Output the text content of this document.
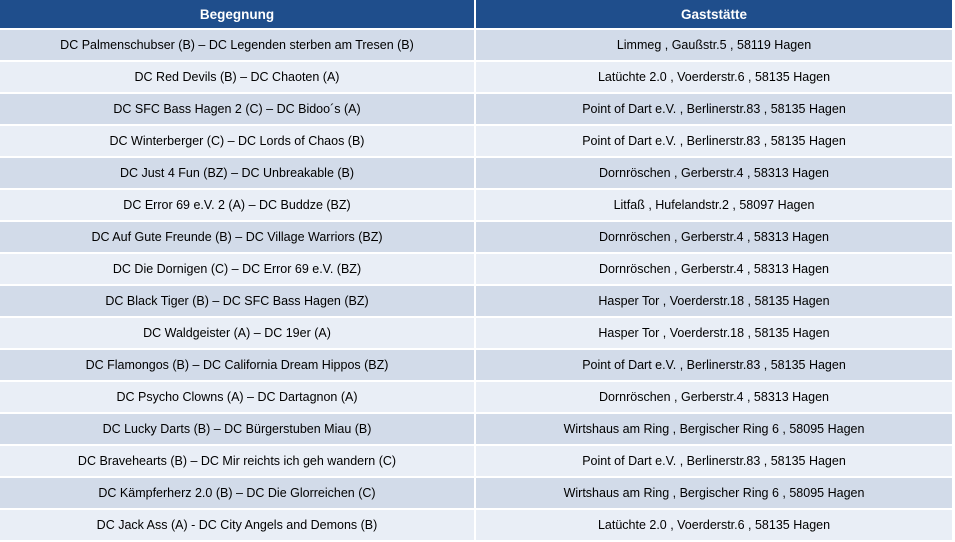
Begegnung	Gaststätte
DC Palmenschubser (B) – DC Legenden sterben am Tresen (B)	Limmeg , Gaußstr.5 , 58119 Hagen
DC Red Devils (B) – DC Chaoten (A)	Latüchte 2.0 , Voerderstr.6 , 58135 Hagen
DC SFC Bass Hagen 2 (C) – DC Bidoo´s (A)	Point of Dart e.V. , Berlinerstr.83 , 58135 Hagen
DC Winterberger (C) – DC Lords of Chaos (B)	Point of Dart e.V. , Berlinerstr.83 , 58135 Hagen
DC Just 4 Fun (BZ) – DC Unbreakable (B)	Dornröschen , Gerberstr.4 , 58313 Hagen
DC Error 69 e.V. 2 (A) – DC Buddze (BZ)	Litfaß , Hufelandstr.2 , 58097 Hagen
DC Auf Gute Freunde (B) – DC Village Warriors (BZ)	Dornröschen , Gerberstr.4 , 58313 Hagen
DC Die Dornigen (C) – DC Error 69 e.V. (BZ)	Dornröschen , Gerberstr.4 , 58313 Hagen
DC Black Tiger (B) – DC SFC Bass Hagen (BZ)	Hasper Tor , Voerderstr.18 , 58135 Hagen
DC Waldgeister (A) – DC 19er (A)	Hasper Tor , Voerderstr.18 , 58135 Hagen
DC Flamongos (B) – DC California Dream Hippos (BZ)	Point of Dart e.V. , Berlinerstr.83 , 58135 Hagen
DC Psycho Clowns (A) – DC Dartagnon (A)	Dornröschen , Gerberstr.4 , 58313 Hagen
DC Lucky Darts (B) – DC Bürgerstuben Miau (B)	Wirtshaus am Ring , Bergischer Ring 6 , 58095 Hagen
DC Bravehearts (B) – DC Mir reichts ich geh wandern (C)	Point of Dart e.V. , Berlinerstr.83 , 58135 Hagen
DC Kämpferherz 2.0 (B) – DC Die Glorreichen (C)	Wirtshaus am Ring , Bergischer Ring 6 , 58095 Hagen
DC Jack Ass (A) - DC City Angels and Demons (B)	Latüchte 2.0 , Voerderstr.6 , 58135 Hagen
